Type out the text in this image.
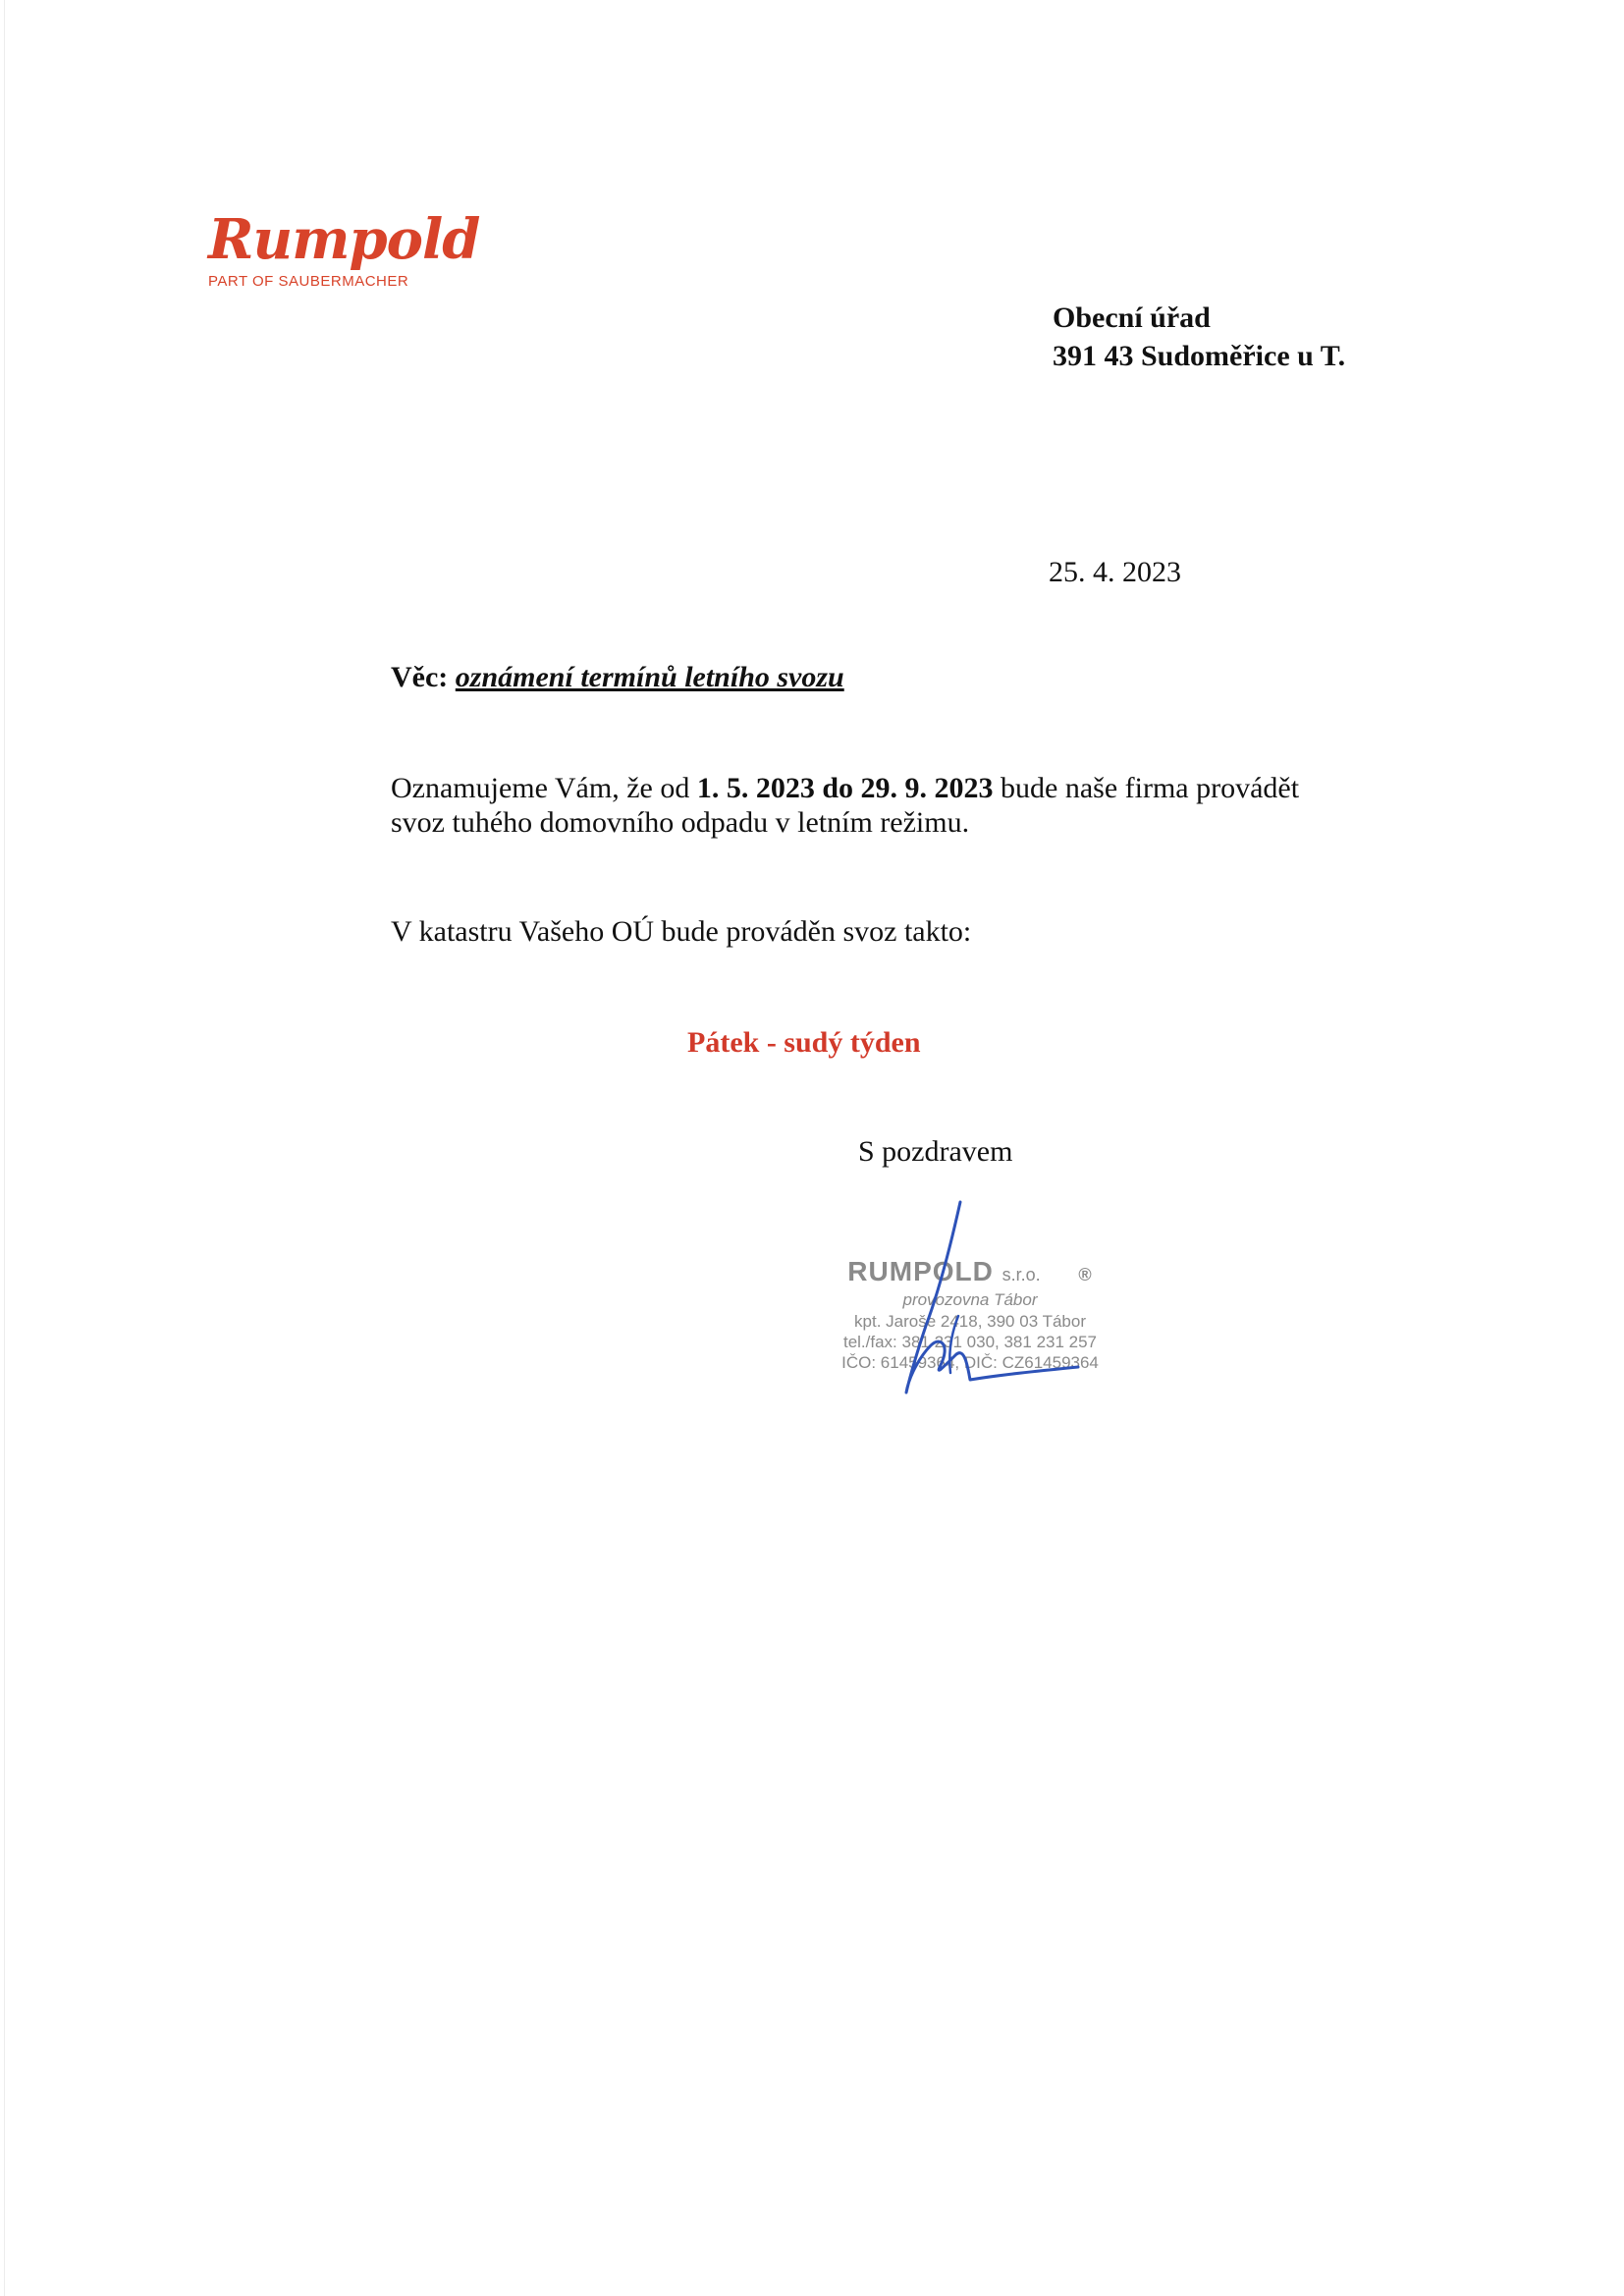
Rumpold
PART OF SAUBERMACHER
Obecní úřad
391 43 Sudoměřice u T.
25. 4. 2023
Věc: oznámení termínů letního svozu
Oznamujeme Vám, že od 1. 5. 2023 do 29. 9. 2023 bude naše firma provádět
svoz tuhého domovního odpadu v letním režimu.
V katastru Vašeho OÚ bude prováděn svoz takto:
Pátek - sudý týden
S pozdravem
RUMPOLD s.r.o. ®
provozovna Tábor
kpt. Jaroše 2418, 390 03 Tábor
tel./fax: 381 231 030, 381 231 257
IČO: 61459364, DIČ: CZ61459364
